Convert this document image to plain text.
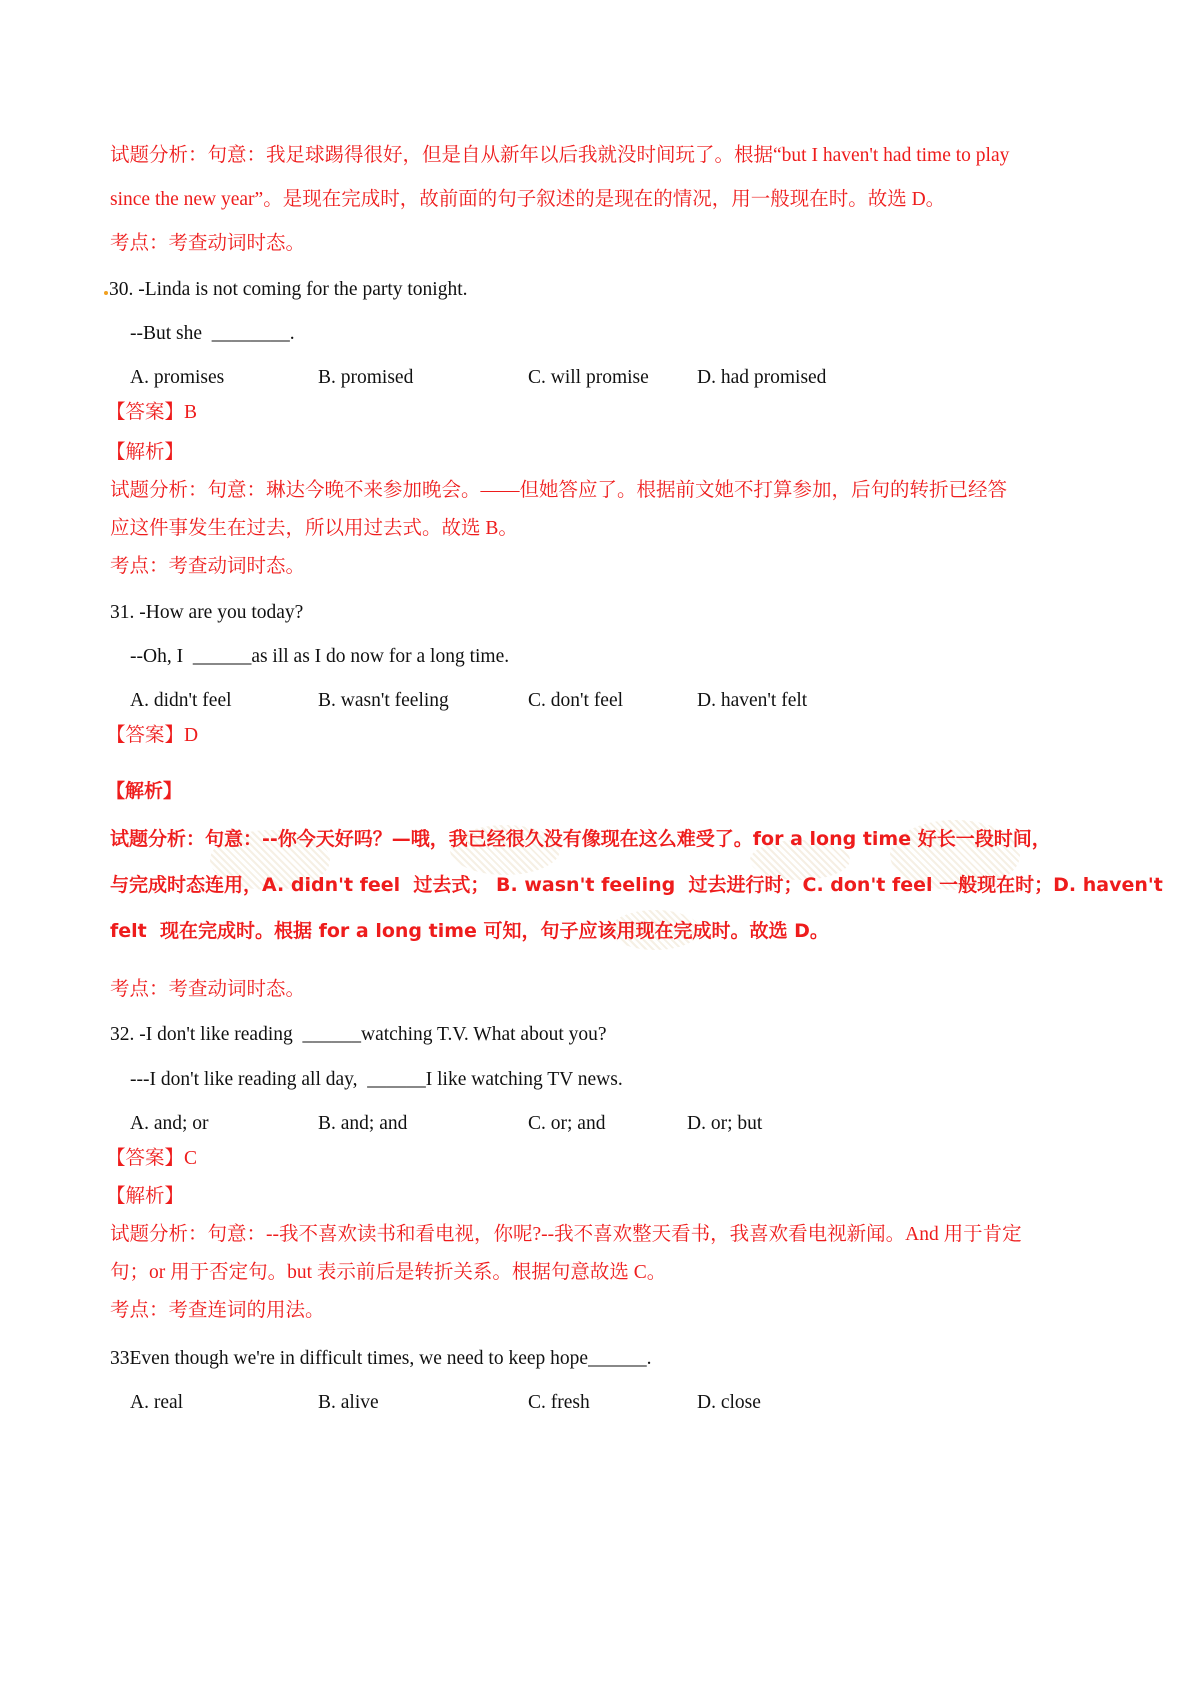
试题分析：句意：我足球踢得很好，但是自从新年以后我就没时间玩了。根据“but I haven't had time to play
since the new year”。是现在完成时，故前面的句子叙述的是现在的情况，用一般现在时。故选 D。
考点：考查动词时态。
30. -Linda is not coming for the party tonight.
--But she  ________.
A. promises	B. promised	C. will promise D. had promised
【答案】B
【解析】
试题分析：句意：琳达今晚不来参加晚会。——但她答应了。根据前文她不打算参加，后句的转折已经答
应这件事发生在过去，所以用过去式。故选 B。
考点：考查动词时态。
31. -How are you today?
--Oh, I  ______as ill as I do now for a long time.
A. didn't feel	B. wasn't feeling	C. don't feel	D. haven't felt
【答案】D
【解析】
试题分析：句意：--你今天好吗？—哦，我已经很久没有像现在这么难受了。for a long time 好长一段时间，
与完成时态连用，A. didn't feel  过去式； B. wasn't feeling  过去进行时；C. don't feel 一般现在时；D. haven't
felt  现在完成时。根据 for a long time 可知，句子应该用现在完成时。故选 D。
考点：考查动词时态。
32. -I don't like reading  ______watching T.V. What about you?
---I don't like reading all day,  ______I like watching TV news.
A. and; or	B. and; and	C. or; and	D. or; but
【答案】C
【解析】
试题分析：句意：--我不喜欢读书和看电视，你呢?--我不喜欢整天看书，我喜欢看电视新闻。And 用于肯定
句；or 用于否定句。but 表示前后是转折关系。根据句意故选 C。
考点：考查连词的用法。
33Even though we're in difficult times, we need to keep hope______.
A. real	B. alive	C. fresh	D. close
